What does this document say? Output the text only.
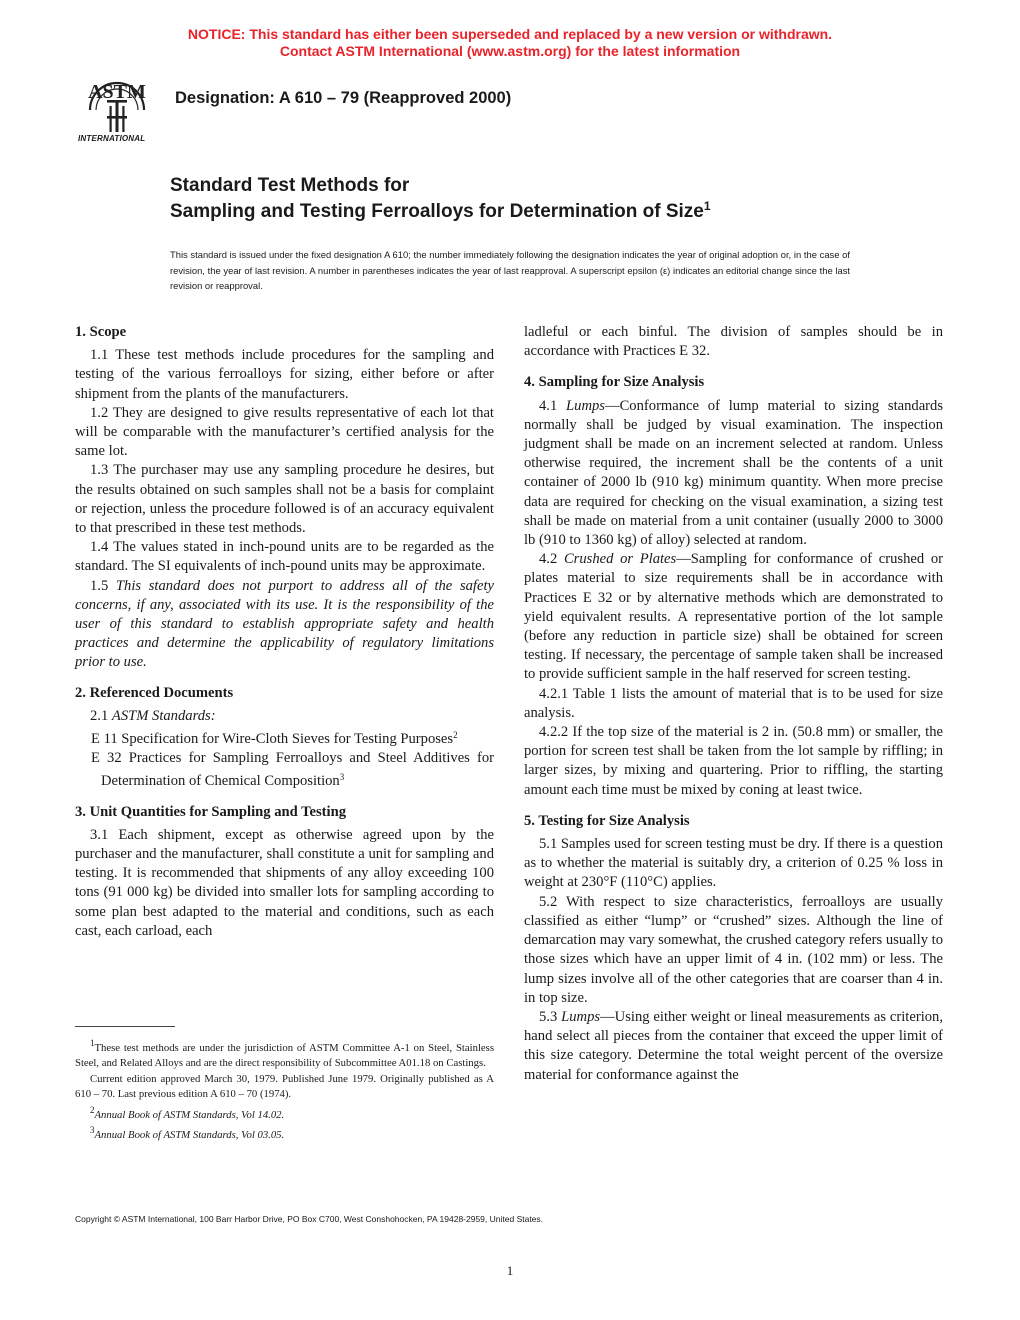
NOTICE: This standard has either been superseded and replaced by a new version or withdrawn.
Contact ASTM International (www.astm.org) for the latest information
ASTM
INTERNATIONAL
Designation: A 610 – 79 (Reapproved 2000)
Standard Test Methods for
Sampling and Testing Ferroalloys for Determination of Size$^1$
This standard is issued under the fixed designation A 610; the number immediately following the designation indicates the year of original adoption or, in the case of revision, the year of last revision. A number in parentheses indicates the year of last reapproval. A superscript epsilon (ε) indicates an editorial change since the last revision or reapproval.
1. Scope

1.1 These test methods include procedures for the sampling and testing of the various ferroalloys for sizing, either before or after shipment from the plants of the manufacturers.

1.2 They are designed to give results representative of each lot that will be comparable with the manufacturer’s certified analysis for the same lot.

1.3 The purchaser may use any sampling procedure he desires, but the results obtained on such samples shall not be a basis for complaint or rejection, unless the procedure followed is of an accuracy equivalent to that prescribed in these test methods.

1.4 The values stated in inch-pound units are to be regarded as the standard. The SI equivalents of inch-pound units may be approximate.

1.5 This standard does not purport to address all of the safety concerns, if any, associated with its use. It is the responsibility of the user of this standard to establish appropriate safety and health practices and determine the applicability of regulatory limitations prior to use.

2. Referenced Documents

2.1 ASTM Standards:

E 11 Specification for Wire-Cloth Sieves for Testing Purposes$^2$

E 32 Practices for Sampling Ferroalloys and Steel Additives for Determination of Chemical Composition$^3$

3. Unit Quantities for Sampling and Testing

3.1 Each shipment, except as otherwise agreed upon by the purchaser and the manufacturer, shall constitute a unit for sampling and testing. It is recommended that shipments of any alloy exceeding 100 tons (91 000 kg) be divided into smaller lots for sampling according to some plan best adapted to the material and conditions, such as each cast, each carload, each

$^1$These test methods are under the jurisdiction of ASTM Committee A-1 on Steel, Stainless Steel, and Related Alloys and are the direct responsibility of Subcommittee A01.18 on Castings.

Current edition approved March 30, 1979. Published June 1979. Originally published as A 610 – 70. Last previous edition A 610 – 70 (1974).

$^2$Annual Book of ASTM Standards, Vol 14.02.

$^3$Annual Book of ASTM Standards, Vol 03.05.

ladleful or each binful. The division of samples should be in accordance with Practices E 32.

4. Sampling for Size Analysis

4.1 Lumps—Conformance of lump material to sizing standards normally shall be judged by visual examination. The inspection judgment shall be made on an increment selected at random. Unless otherwise required, the increment shall be the contents of a unit container of 2000 lb (910 kg) minimum quantity. When more precise data are required for checking on the visual examination, a sizing test shall be made on material from a unit container (usually 2000 to 3000 lb (910 to 1360 kg) of alloy) selected at random.

4.2 Crushed or Plates—Sampling for conformance of crushed or plates material to size requirements shall be in accordance with Practices E 32 or by alternative methods which are demonstrated to yield equivalent results. A representative portion of the lot sample (before any reduction in particle size) shall be obtained for screen testing. If necessary, the percentage of sample taken shall be increased to provide sufficient sample in the half reserved for screen testing.

4.2.1 Table 1 lists the amount of material that is to be used for size analysis.

4.2.2 If the top size of the material is 2 in. (50.8 mm) or smaller, the portion for screen test shall be taken from the lot sample by riffling; in larger sizes, by mixing and quartering. Prior to riffling, the starting amount each time must be mixed by coning at least twice.

5. Testing for Size Analysis

5.1 Samples used for screen testing must be dry. If there is a question as to whether the material is suitably dry, a criterion of 0.25 % loss in weight at 230°F (110°C) applies.

5.2 With respect to size characteristics, ferroalloys are usually classified as either “lump” or “crushed” sizes. Although the line of demarcation may vary somewhat, the crushed category refers usually to those sizes which have an upper limit of 4 in. (102 mm) or less. The lump sizes involve all of the other categories that are coarser than 4 in. in top size.

5.3 Lumps—Using either weight or lineal measurements as criterion, hand select all pieces from the container that exceed the upper limit of this size category. Determine the total weight percent of the oversize material for conformance against the

Copyright © ASTM International, 100 Barr Harbor Drive, PO Box C700, West Conshohocken, PA 19428-2959, United States.
1
